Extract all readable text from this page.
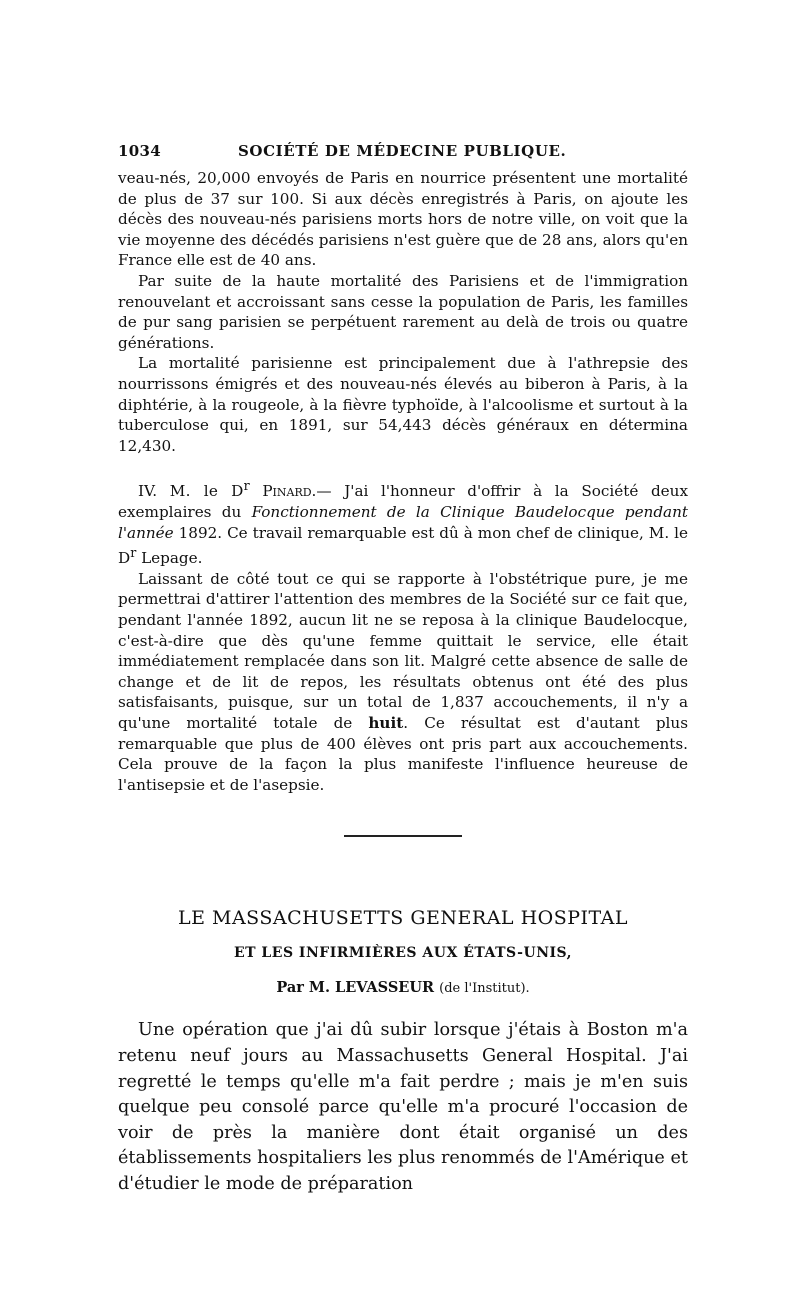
1034	SOCIÉTÉ DE MÉDECINE PUBLIQUE.

veau-nés, 20,000 envoyés de Paris en nourrice présentent une mortalité de plus de 37 sur 100. Si aux décès enregistrés à Paris, on ajoute les décès des nouveau-nés parisiens morts hors de notre ville, on voit que la vie moyenne des décédés parisiens n'est guère que de 28 ans, alors qu'en France elle est de 40 ans.

Par suite de la haute mortalité des Parisiens et de l'immigration renouvelant et accroissant sans cesse la population de Paris, les familles de pur sang parisien se perpétuent rarement au delà de trois ou quatre générations.

La mortalité parisienne est principalement due à l'athrepsie des nourrissons émigrés et des nouveau-nés élevés au biberon à Paris, à la diphtérie, à la rougeole, à la fièvre typhoïde, à l'alcoolisme et surtout à la tuberculose qui, en 1891, sur 54,443 décès généraux en détermina 12,430.

IV. M. le $D^r$ Pinard.— J'ai l'honneur d'offrir à la Société deux exemplaires du Fonctionnement de la Clinique Baudelocque pendant l'année 1892. Ce travail remarquable est dû à mon chef de clinique, M. le $D^r$ Lepage.

Laissant de côté tout ce qui se rapporte à l'obstétrique pure, je me permettrai d'attirer l'attention des membres de la Société sur ce fait que, pendant l'année 1892, aucun lit ne se reposa à la clinique Baudelocque, c'est-à-dire que dès qu'une femme quittait le service, elle était immédiatement remplacée dans son lit. Malgré cette absence de salle de change et de lit de repos, les résultats obtenus ont été des plus satisfaisants, puisque, sur un total de 1,837 accouchements, il n'y a qu'une mortalité totale de huit. Ce résultat est d'autant plus remarquable que plus de 400 élèves ont pris part aux accouchements. Cela prouve de la façon la plus manifeste l'influence heureuse de l'antisepsie et de l'asepsie.

LE MASSACHUSETTS GENERAL HOSPITAL
ET LES INFIRMIÈRES AUX ÉTATS-UNIS,
Par M. LEVASSEUR (de l'Institut).

Une opération que j'ai dû subir lorsque j'étais à Boston m'a retenu neuf jours au Massachusetts General Hospital. J'ai regretté le temps qu'elle m'a fait perdre ; mais je m'en suis quelque peu consolé parce qu'elle m'a procuré l'occasion de voir de près la manière dont était organisé un des établissements hospitaliers les plus renommés de l'Amérique et d'étudier le mode de préparation
